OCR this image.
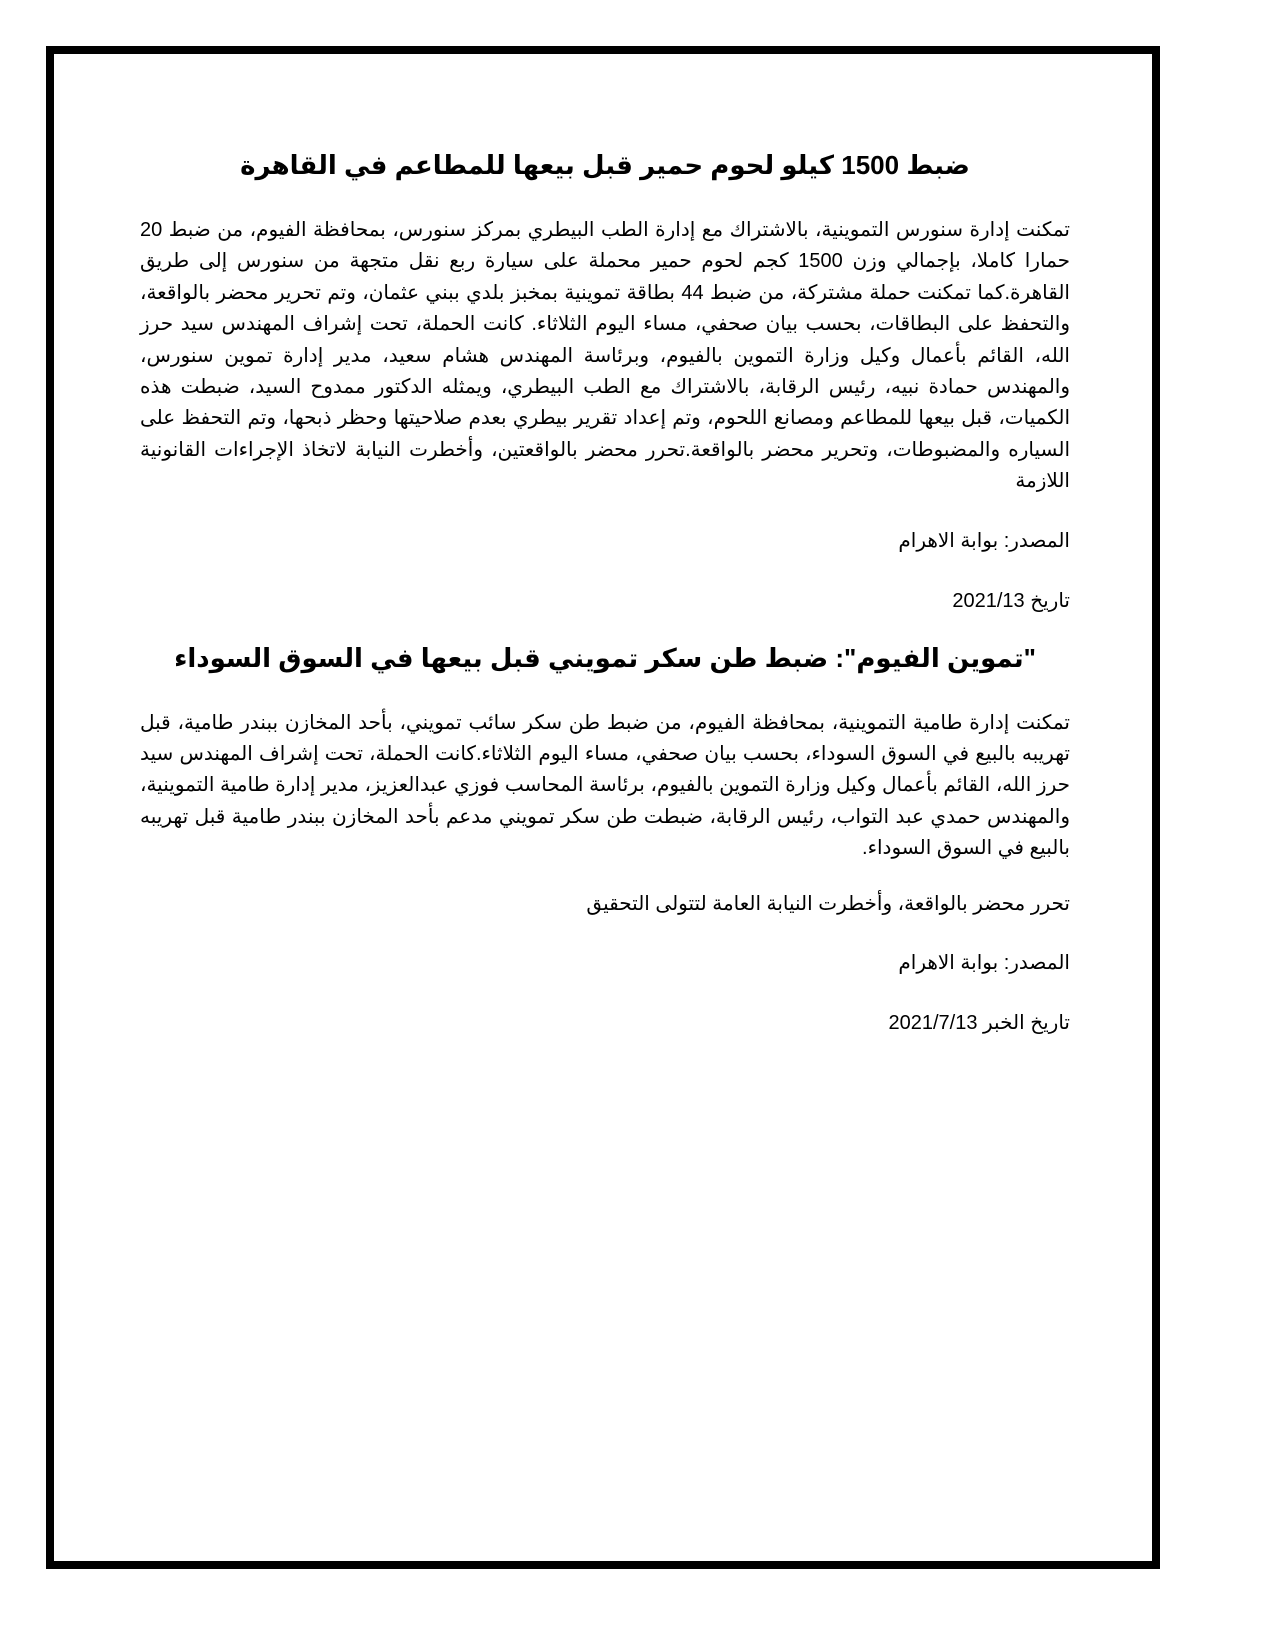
ضبط 1500 كيلو لحوم حمير قبل بيعها للمطاعم في القاهرة

تمكنت إدارة سنورس التموينية، بالاشتراك مع إدارة الطب البيطري بمركز سنورس، بمحافظة الفيوم، من ضبط 20 حمارا كاملا، بإجمالي وزن 1500 كجم لحوم حمير محملة على سيارة ربع نقل متجهة من سنورس إلى طريق القاهرة.كما تمكنت حملة مشتركة، من ضبط 44 بطاقة تموينية بمخبز بلدي ببني عثمان، وتم تحرير محضر بالواقعة، والتحفظ على البطاقات، بحسب بيان صحفي، مساء اليوم الثلاثاء. كانت الحملة، تحت إشراف المهندس سيد حرز الله، القائم بأعمال وكيل وزارة التموين بالفيوم، وبرئاسة المهندس هشام سعيد، مدير إدارة تموين سنورس، والمهندس حمادة نبيه، رئيس الرقابة، بالاشتراك مع الطب البيطري، ويمثله الدكتور ممدوح السيد، ضبطت هذه الكميات، قبل بيعها للمطاعم ومصانع اللحوم، وتم إعداد تقرير بيطري بعدم صلاحيتها وحظر ذبحها، وتم التحفظ على السياره والمضبوطات، وتحرير محضر بالواقعة.تحرر محضر بالواقعتين، وأخطرت النيابة لاتخاذ الإجراءات القانونية اللازمة

المصدر: بوابة الاهرام

تاريخ 2021/13

"تموين الفيوم": ضبط طن سكر تمويني قبل بيعها في السوق السوداء

تمكنت إدارة طامية التموينية، بمحافظة الفيوم، من ضبط طن سكر سائب تمويني، بأحد المخازن ببندر طامية، قبل تهريبه بالبيع في السوق السوداء، بحسب بيان صحفي، مساء اليوم الثلاثاء.كانت الحملة، تحت إشراف المهندس سيد حرز الله، القائم بأعمال وكيل وزارة التموين بالفيوم، برئاسة المحاسب فوزي عبدالعزيز، مدير إدارة طامية التموينية، والمهندس حمدي عبد التواب، رئيس الرقابة، ضبطت طن سكر تمويني مدعم بأحد المخازن ببندر طامية قبل تهريبه بالبيع في السوق السوداء.

تحرر محضر بالواقعة، وأخطرت النيابة العامة لتتولى التحقيق

المصدر: بوابة الاهرام

تاريخ الخبر 2021/7/13
